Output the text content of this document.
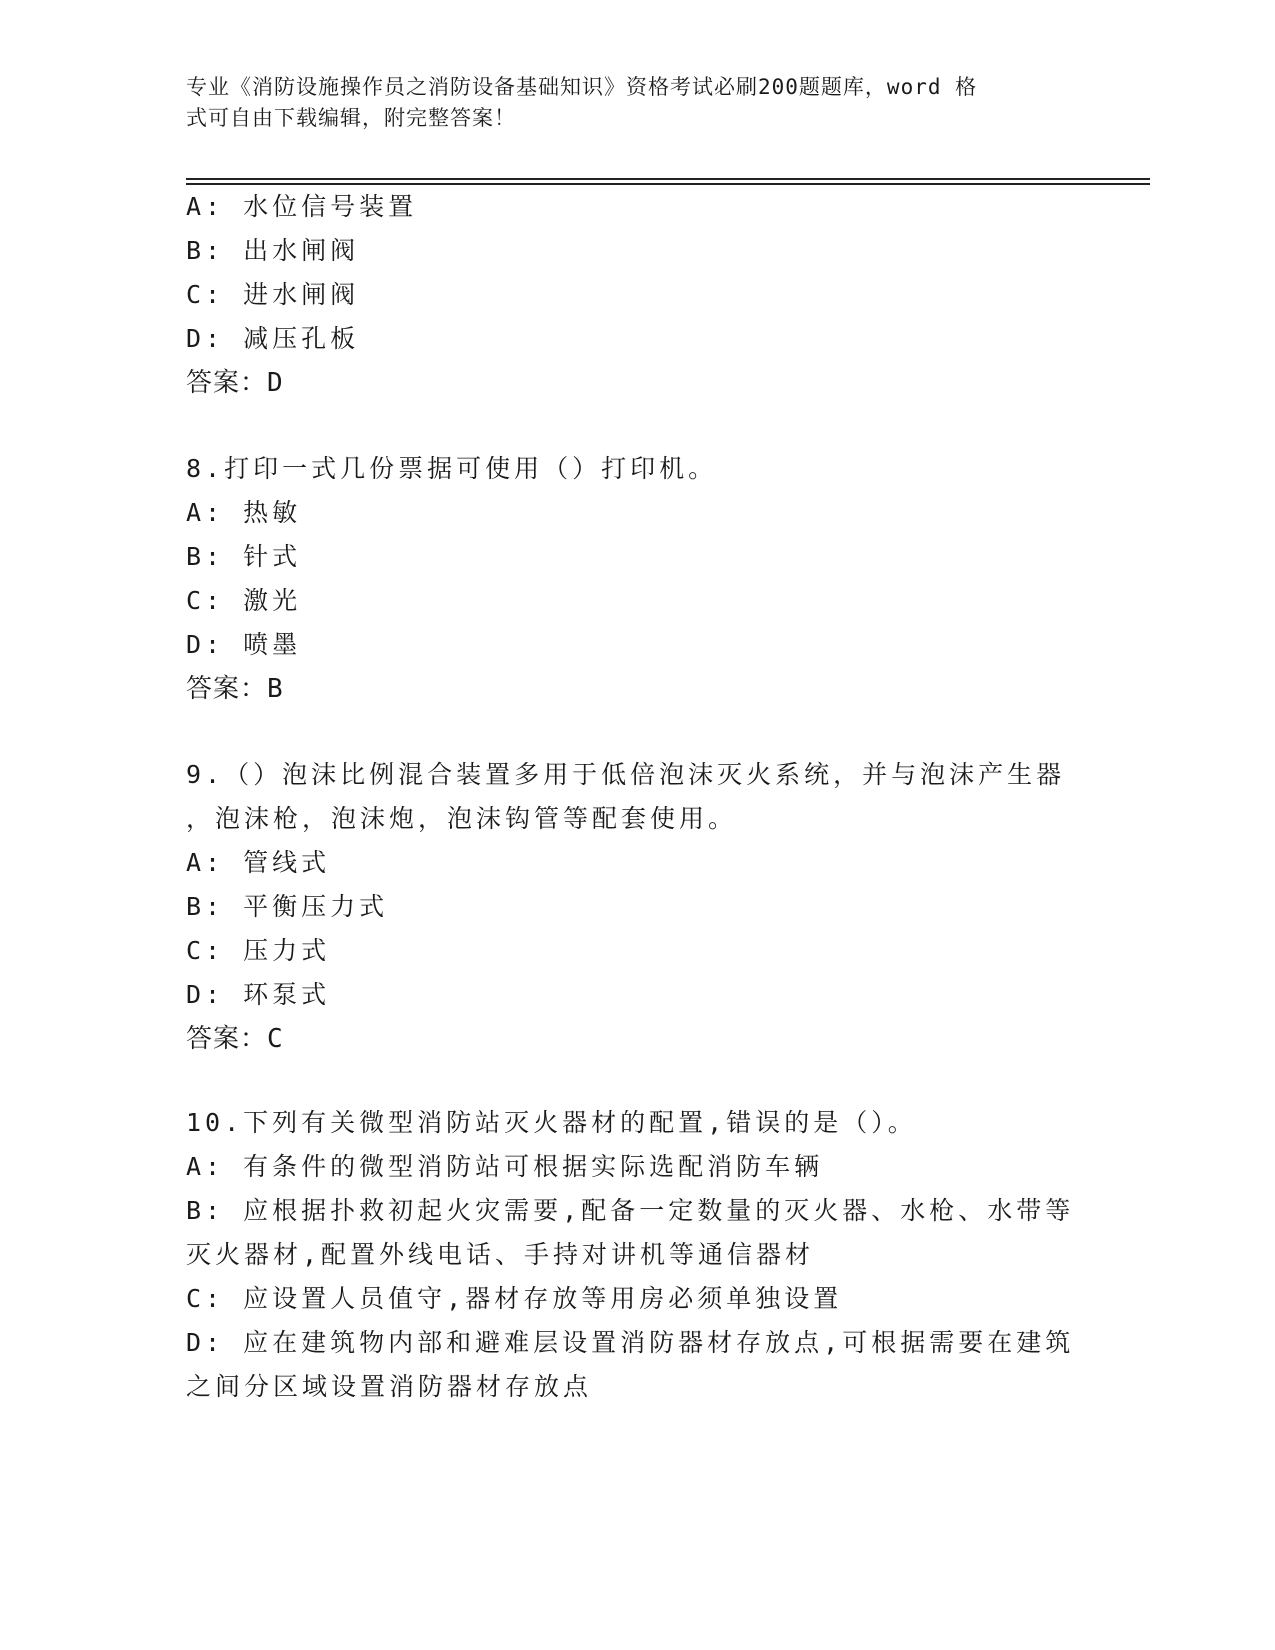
专业《消防设施操作员之消防设备基础知识》资格考试必刷200题题库，word 格
式可自由下载编辑，附完整答案！
A: 水位信号装置
B: 出水闸阀
C: 进水闸阀
D: 减压孔板
答案：D
8.打印一式几份票据可使用（）打印机。
A: 热敏
B: 针式
C: 激光
D: 喷墨
答案：B
9.（）泡沫比例混合装置多用于低倍泡沫灭火系统，并与泡沫产生器
，泡沫枪，泡沫炮，泡沫钩管等配套使用。
A: 管线式
B: 平衡压力式
C: 压力式
D: 环泵式
答案：C
10.下列有关微型消防站灭火器材的配置,错误的是（）。
A: 有条件的微型消防站可根据实际选配消防车辆
B: 应根据扑救初起火灾需要,配备一定数量的灭火器、水枪、水带等
灭火器材,配置外线电话、手持对讲机等通信器材
C: 应设置人员值守,器材存放等用房必须单独设置
D: 应在建筑物内部和避难层设置消防器材存放点,可根据需要在建筑
之间分区域设置消防器材存放点
